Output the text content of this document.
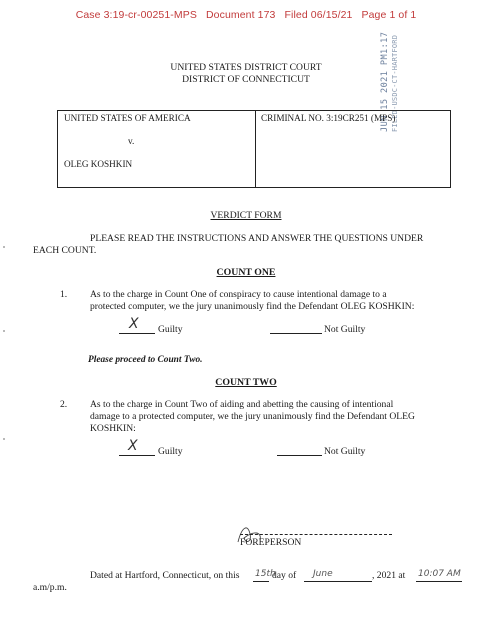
Case 3:19-cr-00251-MPS Document 173 Filed 06/15/21 Page 1 of 1
UNITED STATES DISTRICT COURT
DISTRICT OF CONNECTICUT	JUN 15 2021 PM1:17 FILED-USDC-CT-HARTFORD
UNITED STATES OF AMERICA
v.
OLEG KOSHKIN
CRIMINAL NO. 3:19CR251 (MPS)
VERDICT FORM
PLEASE READ THE INSTRUCTIONS AND ANSWER THE QUESTIONS UNDER
EACH COUNT.
COUNT ONE
1. As to the charge in Count One of conspiracy to cause intentional damage to a
protected computer, we the jury unanimously find the Defendant OLEG KOSHKIN:
X Guilty	Not Guilty
Please proceed to Count Two.
COUNT TWO
2. As to the charge in Count Two of aiding and abetting the causing of intentional
damage to a protected computer, we the jury unanimously find the Defendant OLEG
KOSHKIN:
X Guilty	Not Guilty
FOREPERSON
Dated at Hartford, Connecticut, on this 15th
day of June	, 2021 at 10:07 AM
a.m/p.m.
